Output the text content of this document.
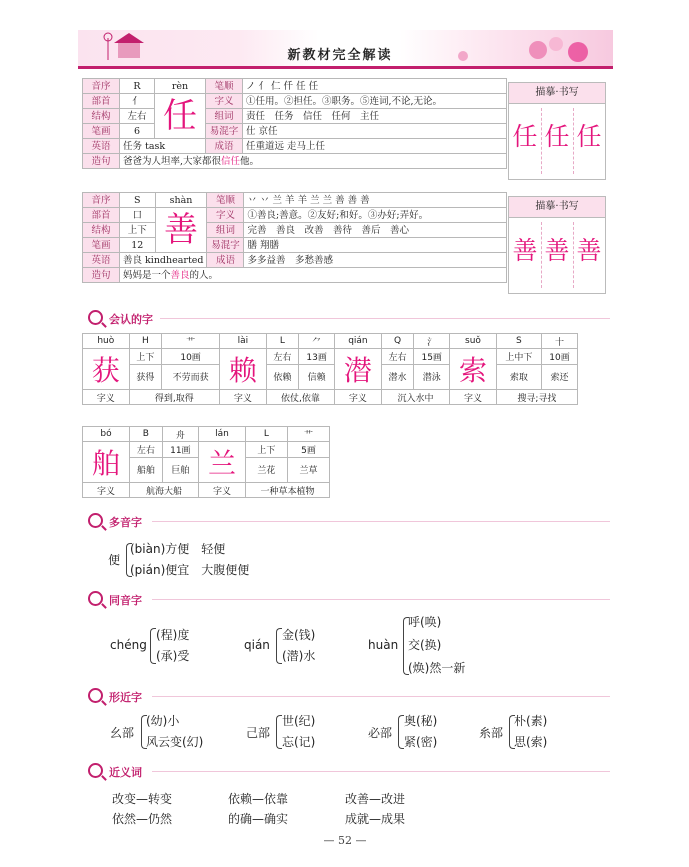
新教材完全解读
音序	R	rèn	笔顺	ノ 亻 仁 仟 任 任
部首	亻	任	字义	①任用。②担任。③职务。⑤连词,不论,无论。
结构	左右		组词	责任　任务　信任　任何　主任
笔画	6		易混字	仕 京任
英语	任务 task		成语	任重道远 走马上任
造句	爸爸为人坦率,大家都很信任他。			
描摹·书写
任 任 任
音序	S	shàn	笔顺	丷 丷 兰 羊 羊 兰 兰 善 善 善
部首	口	善	字义	①善良;善意。②友好;和好。③办好;弄好。
结构	上下		组词	完善　善良　改善　善待　善后　善心
笔画	12		易混字	膳 翔膳
英语	善良 kindhearted		成语	多多益善　多愁善感
造句	妈妈是一个善良的人。			
描摹·书写
善 善 善
会认的字
huò	H	艹	lài	L	⺈	qián	Q	氵	suǒ	S	十
获	上下	10画	赖	左右	13画	潜	左右	15画	索	上中下	10画
	获得	不劳而获		依赖	信赖		潜水	潜泳		索取	索还
字义	得到,取得		字义	依仗,依靠		字义	沉入水中		字义	搜寻;寻找	
bó	B	舟	lán	L	艹
舶	左右	11画	兰	上下	5画
	船舶	巨舶		兰花	兰草
字义	航海大船		字义	一种草本植物	
多音字
便
(biàn)方便　轻便
(pián)便宜　大腹便便
同音字
chéng
(程)度
(承)受
qián
金(钱)
(潜)水
huàn
呼(唤)
交(换)
(焕)然一新
形近字
幺部
(幼)小
风云变(幻)
己部
世(纪)
忘(记)
必部
奥(秘)
紧(密)
糸部
朴(素)
思(索)
近义词
改变—转变	依赖—依靠	改善—改进
依然—仍然	的确—确实	成就—成果
— 52 —
